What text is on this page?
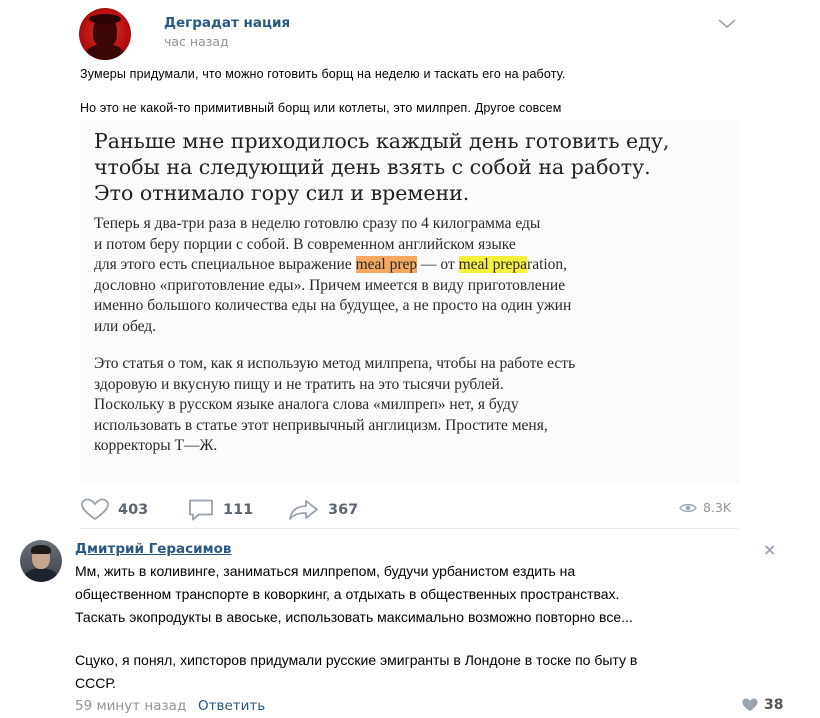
Деградат нация
час назад
Зумеры придумали, что можно готовить борщ на неделю и таскать его на работу.
Но это не какой-то примитивный борщ или котлеты, это милпреп. Другое совсем
Раньше мне приходилось каждый день готовить еду,
чтобы на следующий день взять с собой на работу.
Это отнимало гору сил и времени.
Теперь я два-три раза в неделю готовлю сразу по 4 килограмма еды
и потом беру порции с собой. В современном английском языке
для этого есть специальное выражение meal prep — от meal preparation,
дословно «приготовление еды». Причем имеется в виду приготовление
именно большого количества еды на будущее, а не просто на один ужин
или обед.
Это статья о том, как я использую метод милпрепа, чтобы на работе есть
здоровую и вкусную пищу и не тратить на это тысячи рублей.
Поскольку в русском языке аналога слова «милпреп» нет, я буду
использовать в статье этот непривычный англицизм. Простите меня,
корректоры Т—Ж.
403	111	367	8.3K
Дмитрий Герасимов	×
Мм, жить в коливинге, заниматься милпрепом, будучи урбанистом ездить на
общественном транспорте в коворкинг, а отдыхать в общественных пространствах.
Таскать экопродукты в авоське, использовать максимально возможно повторно все...
Сцуко, я понял, хипсторов придумали русские эмигранты в Лондоне в тоске по быту в
СССР.
59 минут назад Ответить	38
